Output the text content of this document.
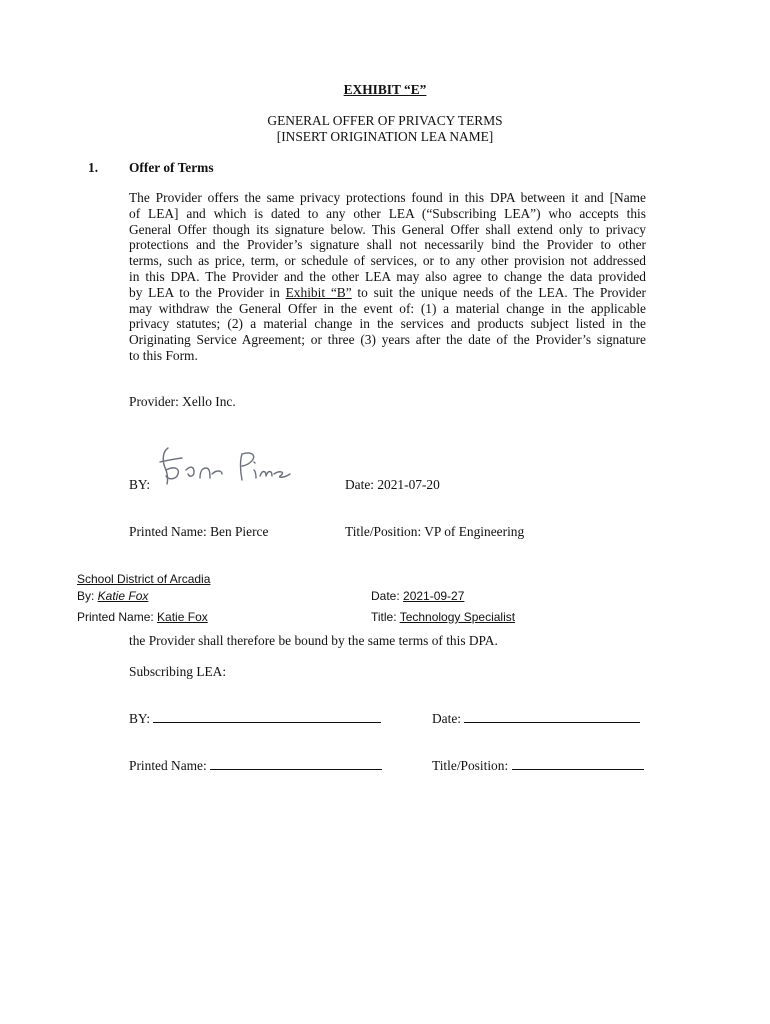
EXHIBIT “E”
GENERAL OFFER OF PRIVACY TERMS
[INSERT ORIGINATION LEA NAME]
1. Offer of Terms
The Provider offers the same privacy protections found in this DPA between it and [Name
of LEA] and which is dated to any other LEA (“Subscribing LEA”) who accepts this
General Offer though its signature below. This General Offer shall extend only to privacy
protections and the Provider’s signature shall not necessarily bind the Provider to other
terms, such as price, term, or schedule of services, or to any other provision not addressed
in this DPA. The Provider and the other LEA may also agree to change the data provided
by LEA to the Provider in Exhibit “B” to suit the unique needs of the LEA. The Provider
may withdraw the General Offer in the event of: (1) a material change in the applicable
privacy statutes; (2) a material change in the services and products subject listed in the
Originating Service Agreement; or three (3) years after the date of the Provider’s signature
to this Form.
Provider: Xello Inc.
BY:	Date: 2021-07-20
Printed Name: Ben Pierce	Title/Position: VP of Engineering
School District of Arcadia
By: Katie Fox	Date: 2021-09-27
Printed Name: Katie Fox	Title: Technology Specialist
the Provider shall therefore be bound by the same terms of this DPA.
Subscribing LEA:
BY:	Date:
Printed Name:	Title/Position:
